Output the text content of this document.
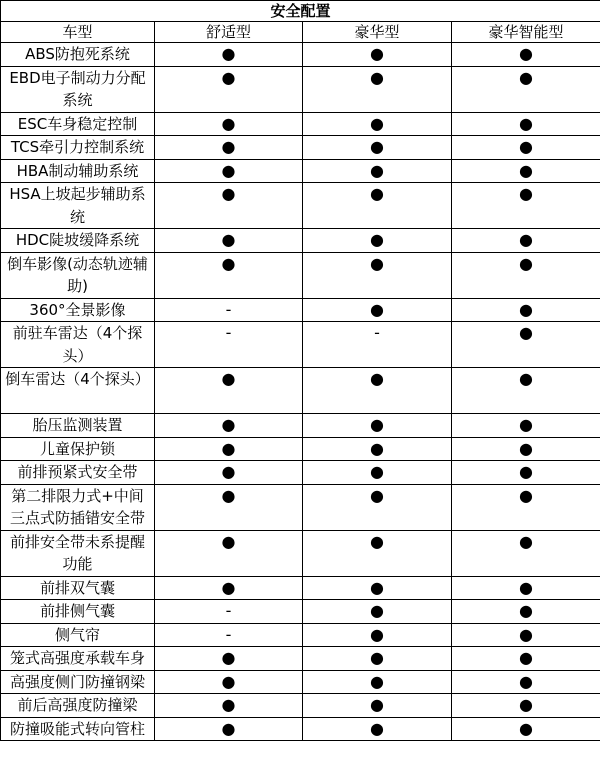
安全配置			
车型	舒适型	豪华型	豪华智能型
ABS防抱死系统	●	●	●
EBD电子制动力分配系统	●	●	●
ESC车身稳定控制	●	●	●
TCS牵引力控制系统	●	●	●
HBA制动辅助系统	●	●	●
HSA上坡起步辅助系统	●	●	●
HDC陡坡缓降系统	●	●	●
倒车影像(动态轨迹辅助)	●	●	●
360°全景影像	-	●	●
前驻车雷达（4个探头）	-	-	●
倒车雷达（4个探头）	●	●	●
胎压监测装置	●	●	●
儿童保护锁	●	●	●
前排预紧式安全带	●	●	●
第二排限力式+中间三点式防插错安全带	●	●	●
前排安全带未系提醒功能	●	●	●
前排双气囊	●	●	●
前排侧气囊	-	●	●
侧气帘	-	●	●
笼式高强度承载车身	●	●	●
高强度侧门防撞钢梁	●	●	●
前后高强度防撞梁	●	●	●
防撞吸能式转向管柱	●	●	●
